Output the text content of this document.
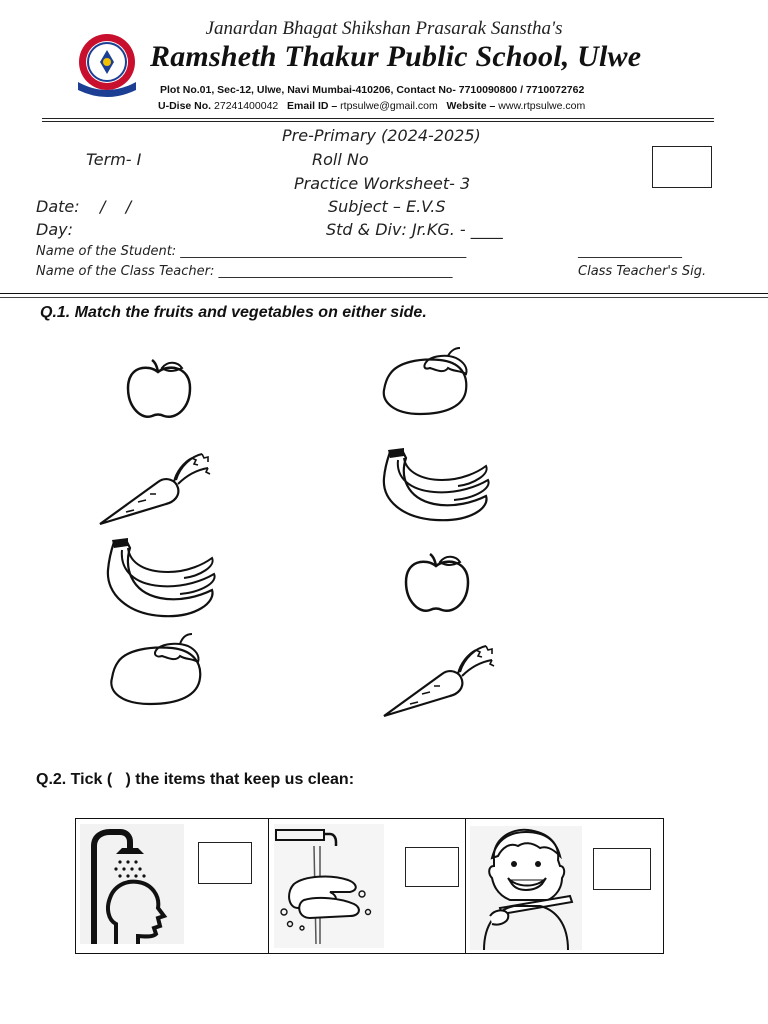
Janardan Bhagat Shikshan Prasarak Sanstha's
Ramsheth Thakur Public School, Ulwe
Plot No.01, Sec-12, Ulwe, Navi Mumbai-410206, Contact No- 7710090800 / 7710072762
U-Dise No. 27241400042 Email ID – rtpsulwe@gmail.com Website – www.rtpsulwe.com
Pre-Primary (2024-2025)
Term- I	Roll No
Practice Worksheet- 3
Date:    /    /	Subject – E.V.S
Day:	Std & Div: Jr.KG. - ____
Name of the Student: ____________________________________________	________________
Name of the Class Teacher: ____________________________________	Class Teacher's Sig.
Q.1. Match the fruits and vegetables on either side.
Q.2. Tick (   ) the items that keep us clean:
